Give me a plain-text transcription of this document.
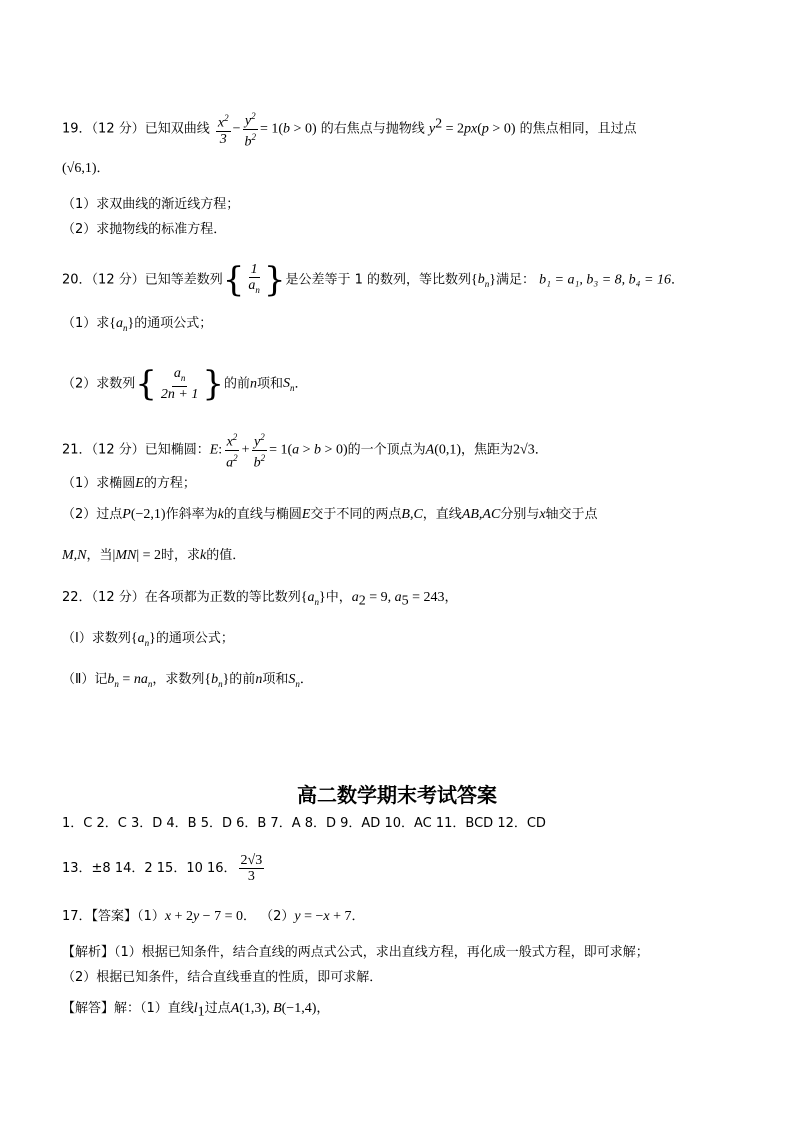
19．（12 分）已知双曲线 $\frac{x^2}{3} - \frac{y^2}{b^2} = 1(b > 0)$ 的右焦点与抛物线 $y^2 = 2px(p > 0)$ 的焦点相同，且过点
(√6,1)．
（1）求双曲线的渐近线方程；
（2）求抛物线的标准方程．
20．（12 分）已知等差数列{ $\frac{1}{a_n}$ }是公差等于 1 的数列，等比数列$\{b_n\}$满足： b₁ = a₁, b₃ = 8, b₄ = 16．
（1）求$\{a_n\}$的通项公式；
（2）求数列{ $\frac{a_n}{2n + 1}$ }的前n项和$S_n$．
21．（12 分）已知椭圆：E: $\frac{x^2}{a^2} + \frac{y^2}{b^2} = 1(a > b > 0)$的一个顶点为A(0,1)，焦距为2√3．
（1）求椭圆E的方程；
（2）过点P(−2,1)作斜率为k的直线与椭圆E交于不同的两点B,C，直线AB,AC分别与x轴交于点
M,N，当|MN| = 2时，求k的值．
22．（12 分）在各项都为正数的等比数列$\{a_n\}$中，$a_2 = 9$, $a_5 = 243$，
（Ⅰ）求数列$\{a_n\}$的通项公式；
（Ⅱ）记$b_n = na_n$，求数列$\{b_n\}$的前n项和$S_n$．
高二数学期末考试答案
1．C 2．C 3．D 4．B 5．D 6．B 7．A 8．D 9．AD 10．AC 11．BCD 12．CD
13．±8 14．2 15．10 16． $\frac{2√3}{3}$
17．【答案】（1）x + 2y − 7 = 0． （2）y = −x + 7．
【解析】（1）根据已知条件，结合直线的两点式公式，求出直线方程，再化成一般式方程，即可求解；
（2）根据已知条件，结合直线垂直的性质，即可求解．
【解答】解：（1）直线$l_1$过点A(1,3), B(−1,4)，
